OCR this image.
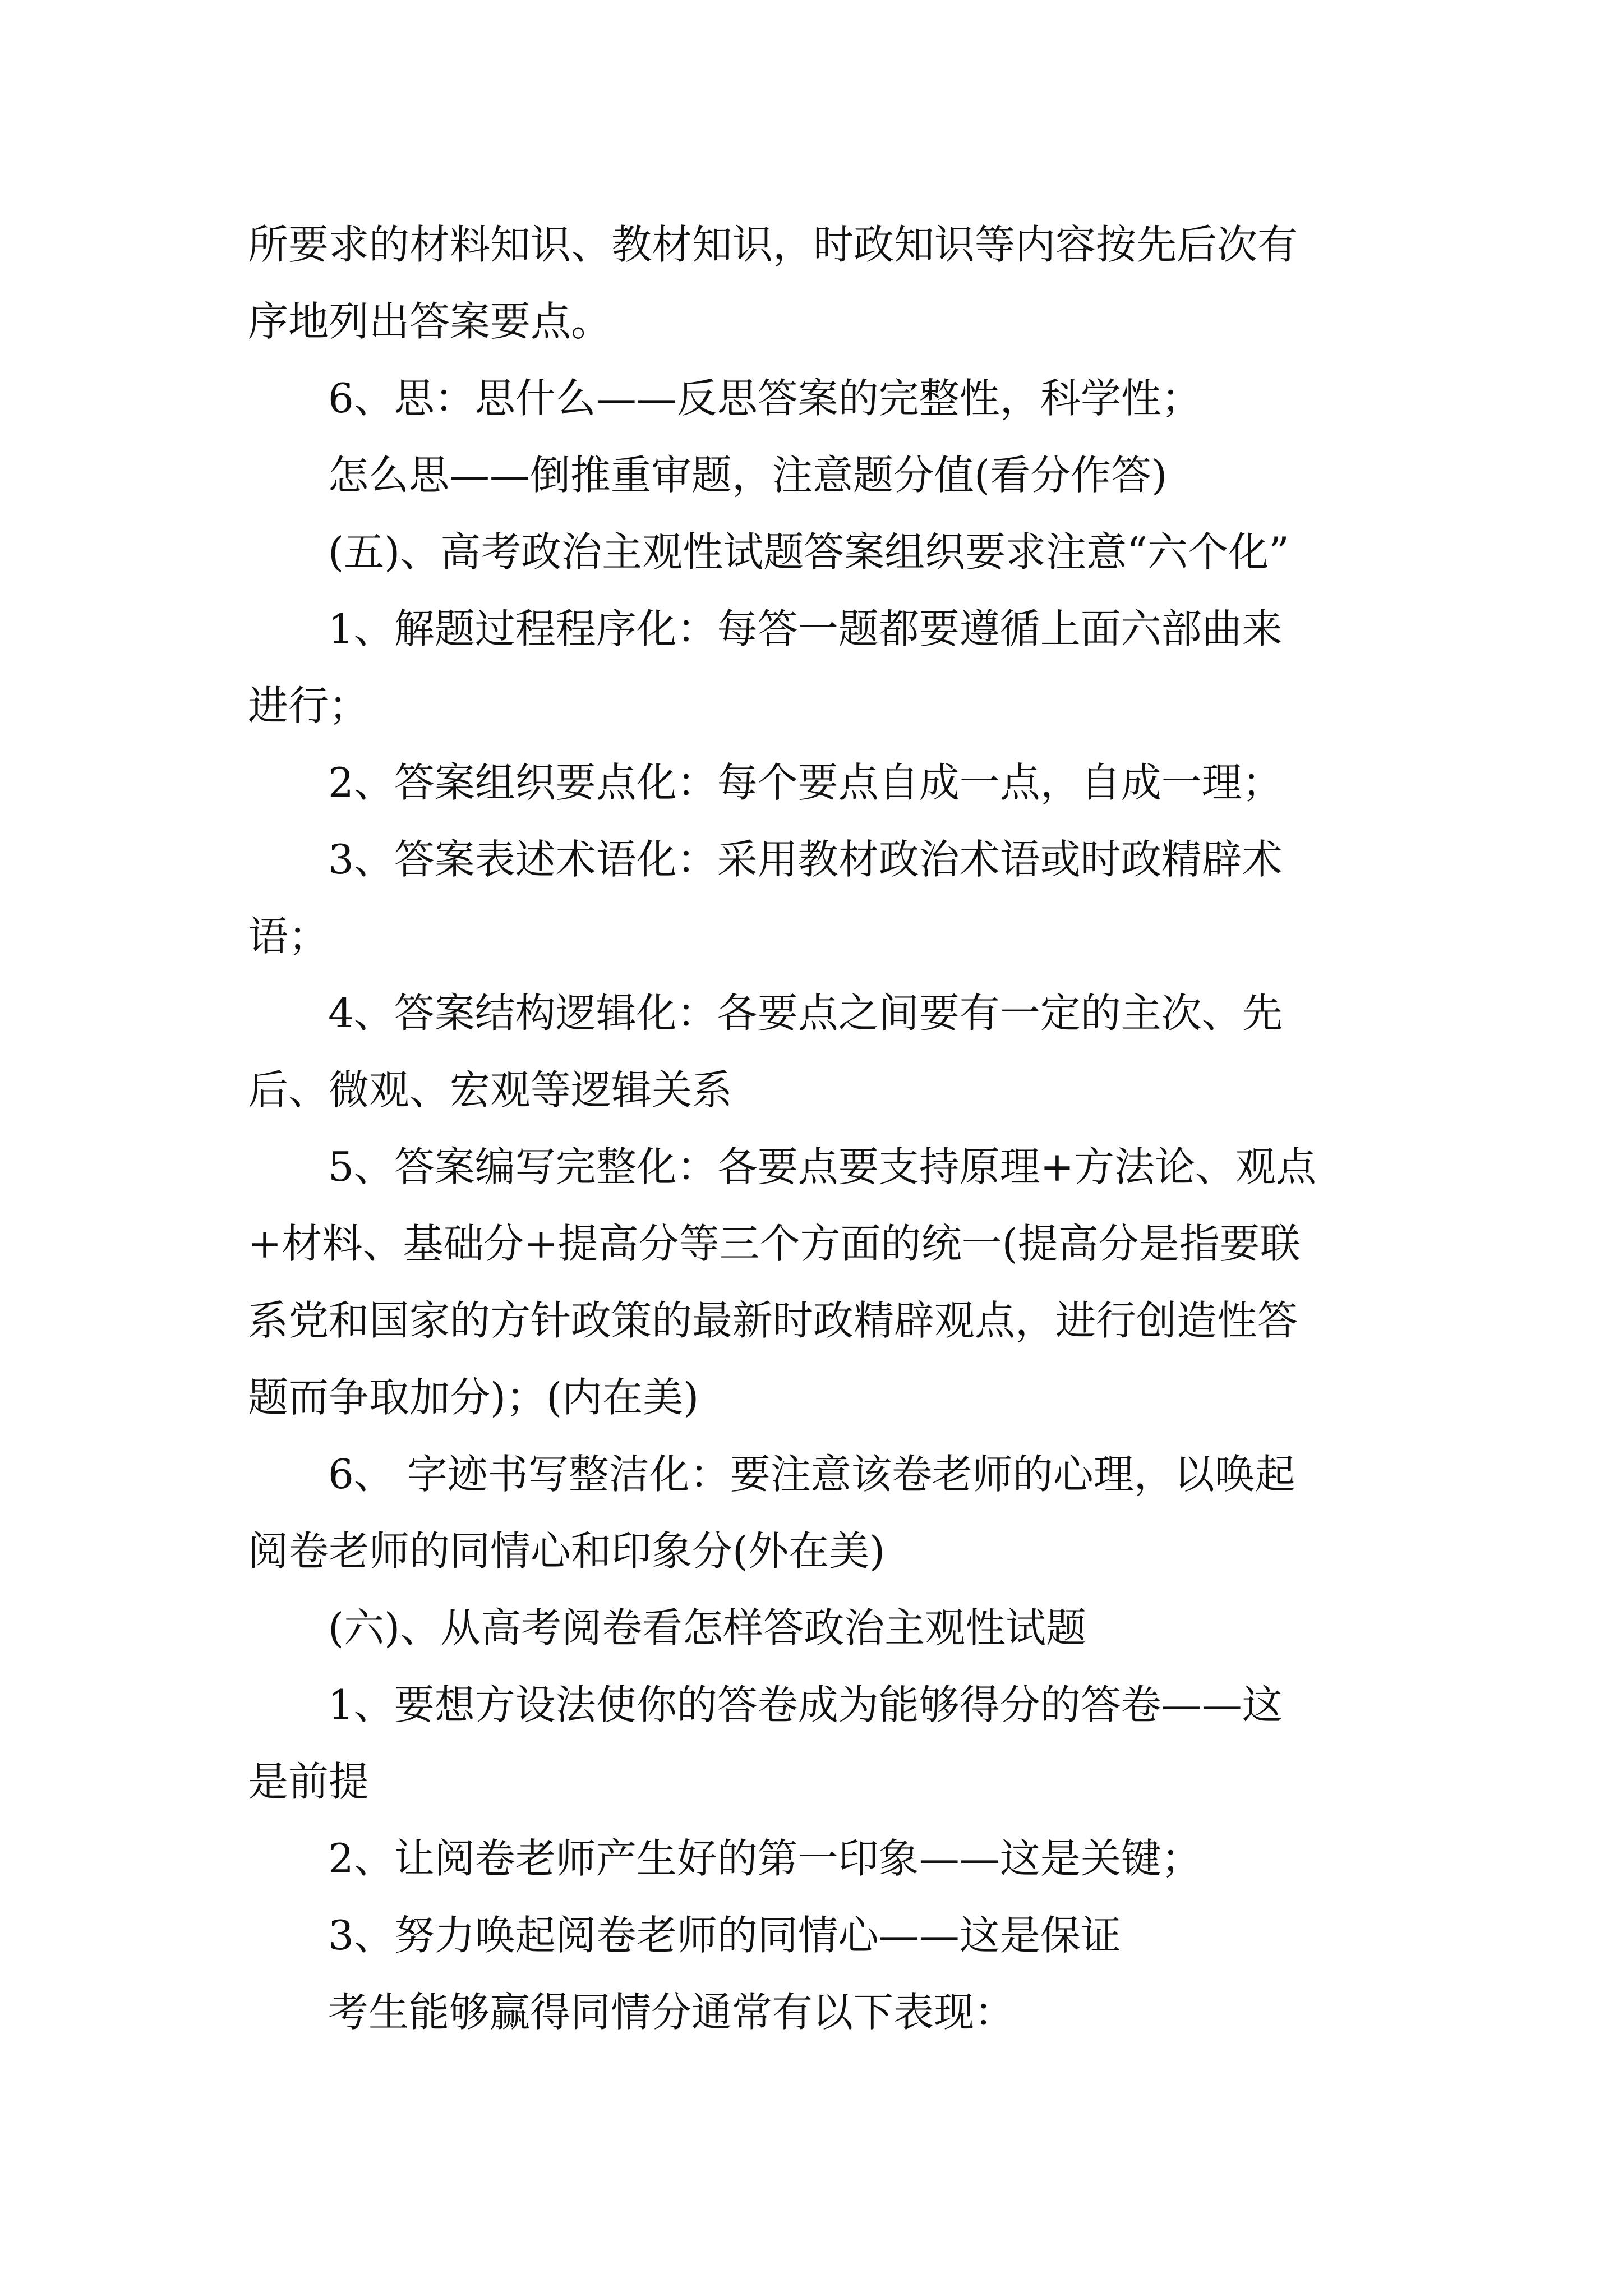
所要求的材料知识、教材知识，时政知识等内容按先后次有
序地列出答案要点。
6、思：思什么——反思答案的完整性，科学性；
怎么思——倒推重审题，注意题分值(看分作答)
(五)、高考政治主观性试题答案组织要求注意“六个化”
1、解题过程程序化：每答一题都要遵循上面六部曲来
进行；
2、答案组织要点化：每个要点自成一点，自成一理；
3、答案表述术语化：采用教材政治术语或时政精辟术
语；
4、答案结构逻辑化：各要点之间要有一定的主次、先
后、微观、宏观等逻辑关系
5、答案编写完整化：各要点要支持原理+方法论、观点
+材料、基础分+提高分等三个方面的统一(提高分是指要联
系党和国家的方针政策的最新时政精辟观点，进行创造性答
题而争取加分)；(内在美)
6、 字迹书写整洁化：要注意该卷老师的心理，以唤起
阅卷老师的同情心和印象分(外在美)
(六)、从高考阅卷看怎样答政治主观性试题
1、要想方设法使你的答卷成为能够得分的答卷——这
是前提
2、让阅卷老师产生好的第一印象——这是关键；
3、努力唤起阅卷老师的同情心——这是保证
考生能够赢得同情分通常有以下表现：
